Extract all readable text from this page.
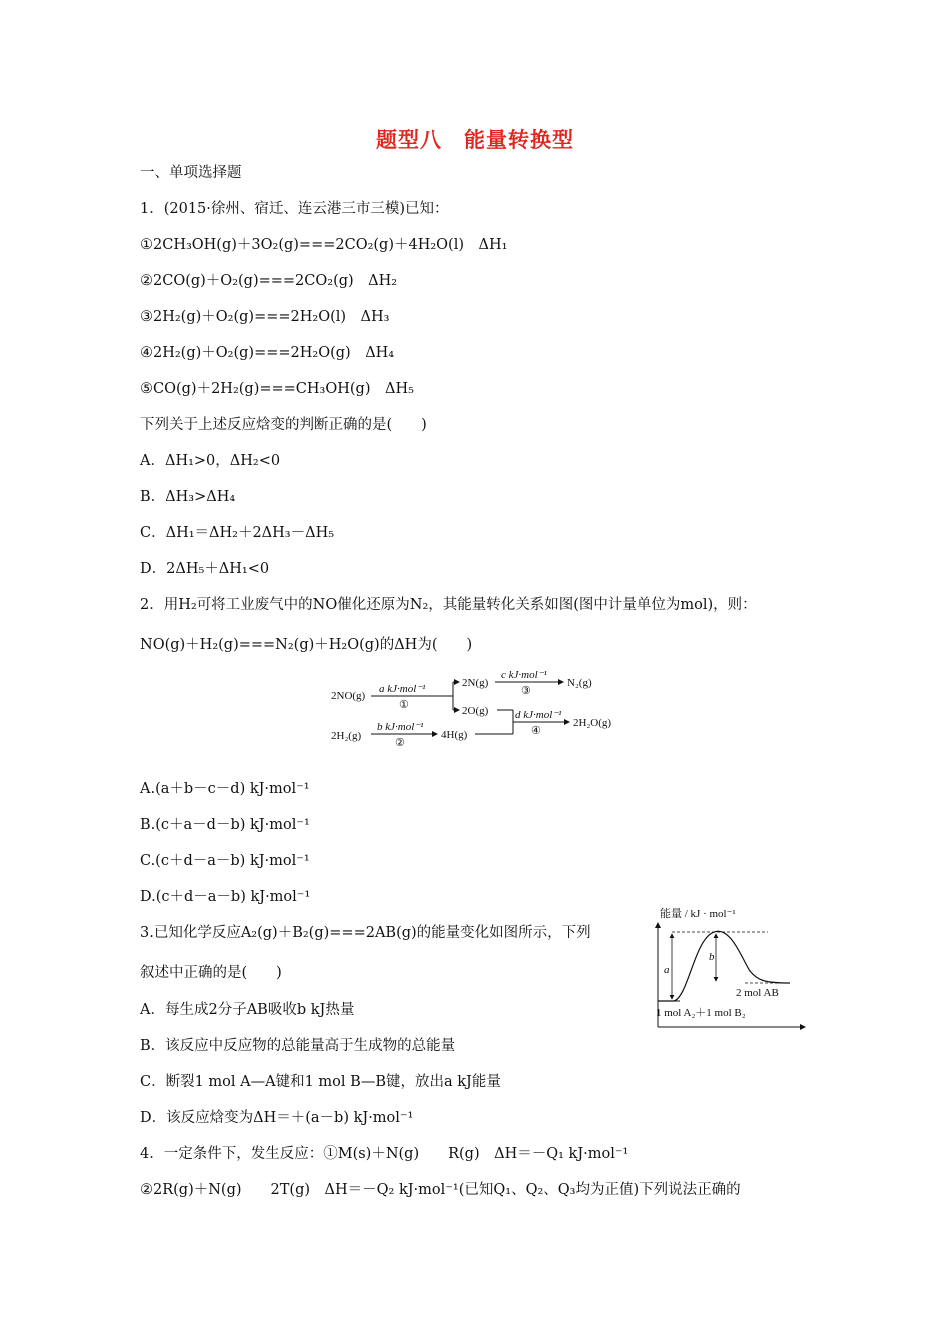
题型八　能量转换型
一、单项选择题
1．(2015·徐州、宿迁、连云港三市三模)已知：
①2CH₃OH(g)＋3O₂(g)===2CO₂(g)＋4H₂O(l)　ΔH₁
②2CO(g)＋O₂(g)===2CO₂(g)　ΔH₂
③2H₂(g)＋O₂(g)===2H₂O(l)　ΔH₃
④2H₂(g)＋O₂(g)===2H₂O(g)　ΔH₄
⑤CO(g)＋2H₂(g)===CH₃OH(g)　ΔH₅
下列关于上述反应焓变的判断正确的是(　　)
A．ΔH₁>0，ΔH₂<0
B．ΔH₃>ΔH₄
C．ΔH₁＝ΔH₂＋2ΔH₃－ΔH₅
D．2ΔH₅＋ΔH₁<0
2．用H₂可将工业废气中的NO催化还原为N₂，其能量转化关系如图(图中计量单位为mol)，则：
NO(g)＋H₂(g)===N₂(g)＋H₂O(g)的ΔH为(　　)
2NO(g)
a kJ·mol⁻¹
①
2N(g)
2O(g)
c kJ·mol⁻¹
③
N₂(g)
2H₂(g)
b kJ·mol⁻¹
②
4H(g)
d kJ·mol⁻¹
④
2H₂O(g)
A.(a＋b－c－d) kJ·mol⁻¹
B.(c＋a－d－b) kJ·mol⁻¹
C.(c＋d－a－b) kJ·mol⁻¹
D.(c＋d－a－b) kJ·mol⁻¹
3.已知化学反应A₂(g)＋B₂(g)===2AB(g)的能量变化如图所示，下列
叙述中正确的是(　　)
能量 / kJ · mol⁻¹
a
b
2 mol AB
1 mol A₂＋1 mol B₂
A．每生成2分子AB吸收b kJ热量
B．该反应中反应物的总能量高于生成物的总能量
C．断裂1 mol A—A键和1 mol B—B键，放出a kJ能量
D．该反应焓变为ΔH＝＋(a－b) kJ·mol⁻¹
4．一定条件下，发生反应：①M(s)＋N(g)　　R(g)　ΔH＝－Q₁ kJ·mol⁻¹
②2R(g)＋N(g)　　2T(g)　ΔH＝－Q₂ kJ·mol⁻¹(已知Q₁、Q₂、Q₃均为正值)下列说法正确的
